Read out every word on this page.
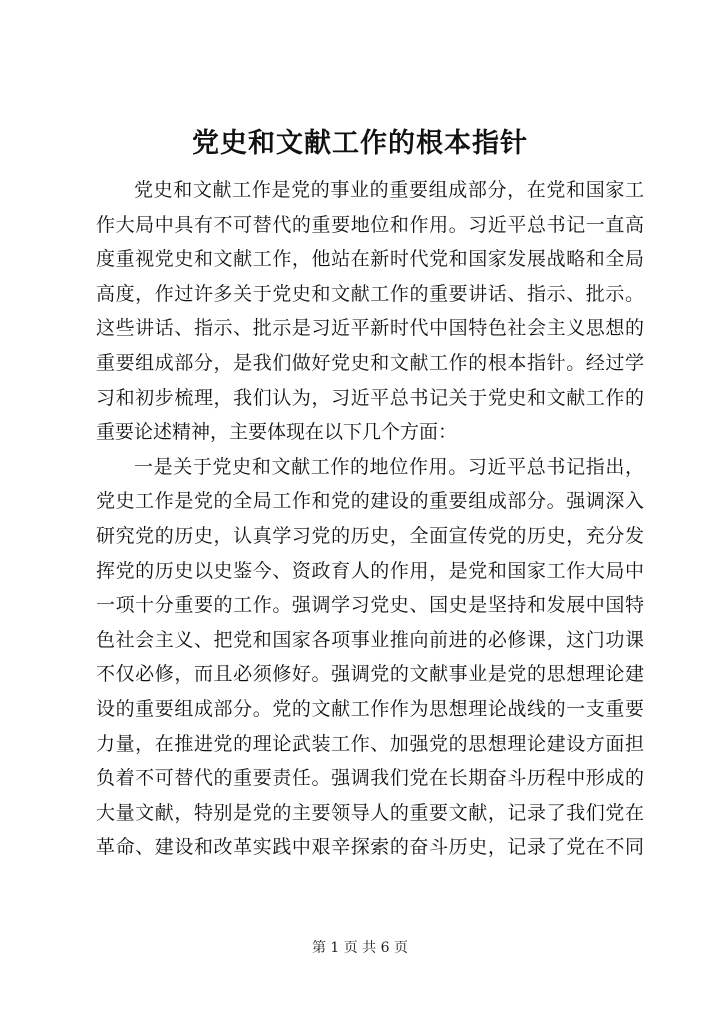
党史和文献工作的根本指针
党史和文献工作是党的事业的重要组成部分，在党和国家工
作大局中具有不可替代的重要地位和作用。习近平总书记一直高
度重视党史和文献工作，他站在新时代党和国家发展战略和全局
高度，作过许多关于党史和文献工作的重要讲话、指示、批示。
这些讲话、指示、批示是习近平新时代中国特色社会主义思想的
重要组成部分，是我们做好党史和文献工作的根本指针。经过学
习和初步梳理，我们认为，习近平总书记关于党史和文献工作的
重要论述精神，主要体现在以下几个方面：
一是关于党史和文献工作的地位作用。习近平总书记指出，
党史工作是党的全局工作和党的建设的重要组成部分。强调深入
研究党的历史，认真学习党的历史，全面宣传党的历史，充分发
挥党的历史以史鉴今、资政育人的作用，是党和国家工作大局中
一项十分重要的工作。强调学习党史、国史是坚持和发展中国特
色社会主义、把党和国家各项事业推向前进的必修课，这门功课
不仅必修，而且必须修好。强调党的文献事业是党的思想理论建
设的重要组成部分。党的文献工作作为思想理论战线的一支重要
力量，在推进党的理论武装工作、加强党的思想理论建设方面担
负着不可替代的重要责任。强调我们党在长期奋斗历程中形成的
大量文献，特别是党的主要领导人的重要文献，记录了我们党在
革命、建设和改革实践中艰辛探索的奋斗历史，记录了党在不同
第 1 页 共 6 页
